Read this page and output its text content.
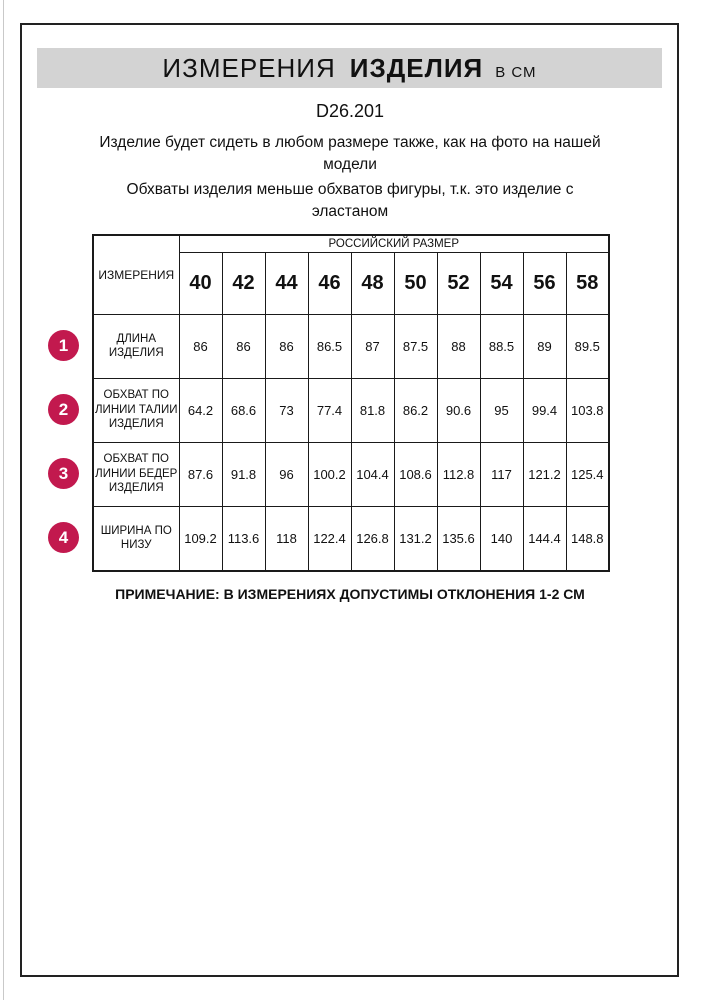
ИЗМЕРЕНИЯ ИЗДЕЛИЯ В СМ
D26.201
Изделие будет сидеть в любом размере также, как на фото на нашей
модели
Обхваты изделия меньше обхватов фигуры, т.к. это изделие с
эластаном
ИЗМЕРЕНИЯ	РОССИЙСКИЙ РАЗМЕР									
	40	42	44	46	48	50	52	54	56	58
ДЛИНА ИЗДЕЛИЯ	86	86	86	86.5	87	87.5	88	88.5	89	89.5
ОБХВАТ ПО ЛИНИИ ТАЛИИ ИЗДЕЛИЯ	64.2	68.6	73	77.4	81.8	86.2	90.6	95	99.4	103.8
ОБХВАТ ПО ЛИНИИ БЕДЕР ИЗДЕЛИЯ	87.6	91.8	96	100.2	104.4	108.6	112.8	117	121.2	125.4
ШИРИНА ПО НИЗУ	109.2	113.6	118	122.4	126.8	131.2	135.6	140	144.4	148.8
1
2
3
4
ПРИМЕЧАНИЕ: В ИЗМЕРЕНИЯХ ДОПУСТИМЫ ОТКЛОНЕНИЯ 1-2 СМ
